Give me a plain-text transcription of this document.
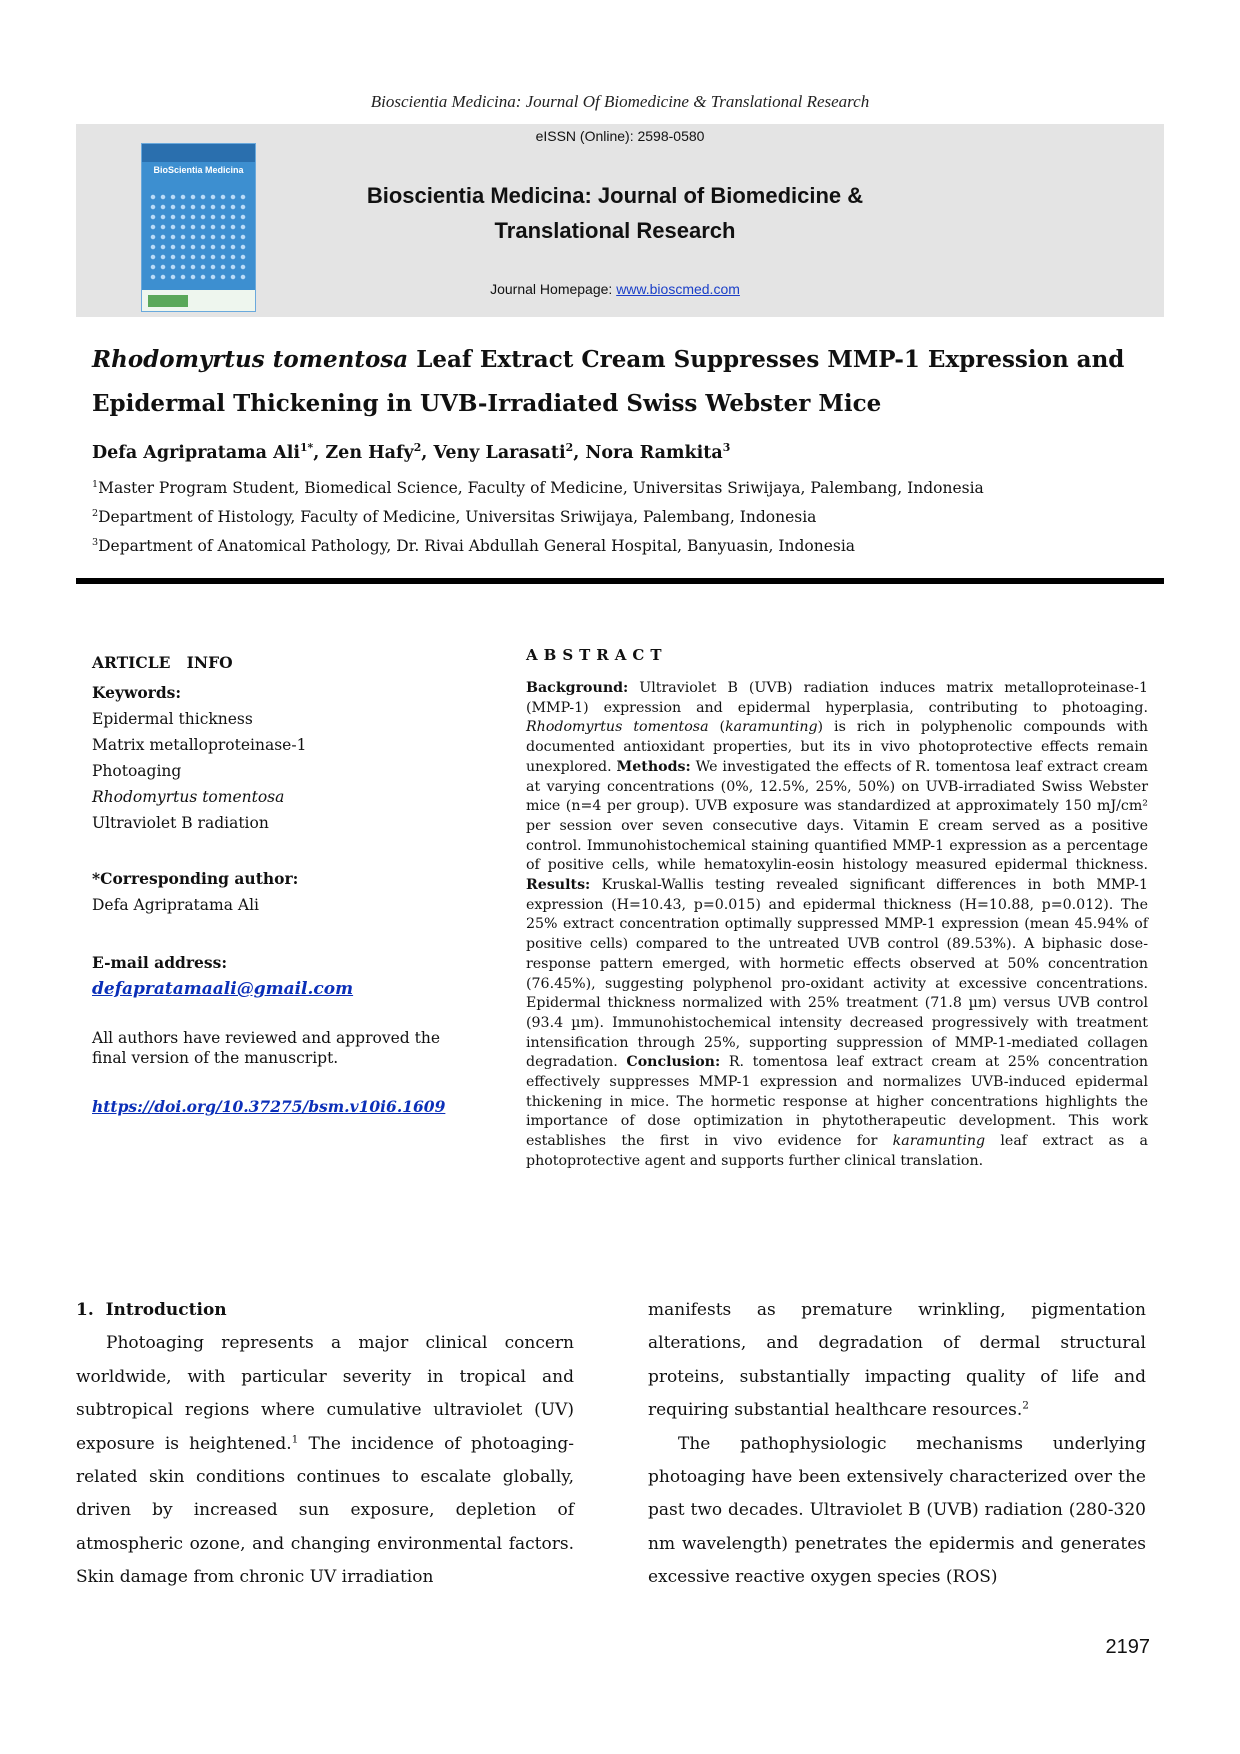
Bioscientia Medicina: Journal Of Biomedicine & Translational Research
BioScientia Medicina
eISSN (Online): 2598-0580
Bioscientia Medicina: Journal of Biomedicine &
Translational Research
Journal Homepage: www.bioscmed.com
Rhodomyrtus tomentosa Leaf Extract Cream Suppresses MMP-1 Expression and
Epidermal Thickening in UVB-Irradiated Swiss Webster Mice
Defa Agripratama Ali$^{1*}$, Zen Hafy$^2$, Veny Larasati$^2$, Nora Ramkita$^3$
$^1$Master Program Student, Biomedical Science, Faculty of Medicine, Universitas Sriwijaya, Palembang, Indonesia
$^2$Department of Histology, Faculty of Medicine, Universitas Sriwijaya, Palembang, Indonesia
$^3$Department of Anatomical Pathology, Dr. Rivai Abdullah General Hospital, Banyuasin, Indonesia
ARTICLE   INFO
Keywords:
Epidermal thickness
Matrix metalloproteinase-1
Photoaging
Rhodomyrtus tomentosa
Ultraviolet B radiation
*Corresponding author:
Defa Agripratama Ali
E-mail address:
defapratamaali@gmail.com
All authors have reviewed and approved the
final version of the manuscript.
https://doi.org/10.37275/bsm.v10i6.1609
ABSTRACT
Background: Ultraviolet B (UVB) radiation induces matrix metalloproteinase-1 (MMP-1) expression and epidermal hyperplasia, contributing to photoaging. Rhodomyrtus tomentosa (karamunting) is rich in polyphenolic compounds with documented antioxidant properties, but its in vivo photoprotective effects remain unexplored. Methods: We investigated the effects of R. tomentosa leaf extract cream at varying concentrations (0%, 12.5%, 25%, 50%) on UVB-irradiated Swiss Webster mice (n=4 per group). UVB exposure was standardized at approximately 150 mJ/cm² per session over seven consecutive days. Vitamin E cream served as a positive control. Immunohistochemical staining quantified MMP-1 expression as a percentage of positive cells, while hematoxylin-eosin histology measured epidermal thickness. Results: Kruskal-Wallis testing revealed significant differences in both MMP-1 expression (H=10.43, p=0.015) and epidermal thickness (H=10.88, p=0.012). The 25% extract concentration optimally suppressed MMP-1 expression (mean 45.94% of positive cells) compared to the untreated UVB control (89.53%). A biphasic dose-response pattern emerged, with hormetic effects observed at 50% concentration (76.45%), suggesting polyphenol pro-oxidant activity at excessive concentrations. Epidermal thickness normalized with 25% treatment (71.8 µm) versus UVB control (93.4 µm). Immunohistochemical intensity decreased progressively with treatment intensification through 25%, supporting suppression of MMP-1-mediated collagen degradation. Conclusion: R. tomentosa leaf extract cream at 25% concentration effectively suppresses MMP-1 expression and normalizes UVB-induced epidermal thickening in mice. The hormetic response at higher concentrations highlights the importance of dose optimization in phytotherapeutic development. This work establishes the first in vivo evidence for karamunting leaf extract as a photoprotective agent and supports further clinical translation.
1.  Introduction

Photoaging represents a major clinical concern worldwide, with particular severity in tropical and subtropical regions where cumulative ultraviolet (UV) exposure is heightened.$^1$ The incidence of photoaging-related skin conditions continues to escalate globally, driven by increased sun exposure, depletion of atmospheric ozone, and changing environmental factors. Skin damage from chronic UV irradiation

manifests as premature wrinkling, pigmentation alterations, and degradation of dermal structural proteins, substantially impacting quality of life and requiring substantial healthcare resources.$^2$

The pathophysiologic mechanisms underlying photoaging have been extensively characterized over the past two decades. Ultraviolet B (UVB) radiation (280-320 nm wavelength) penetrates the epidermis and generates excessive reactive oxygen species (ROS)

2197
